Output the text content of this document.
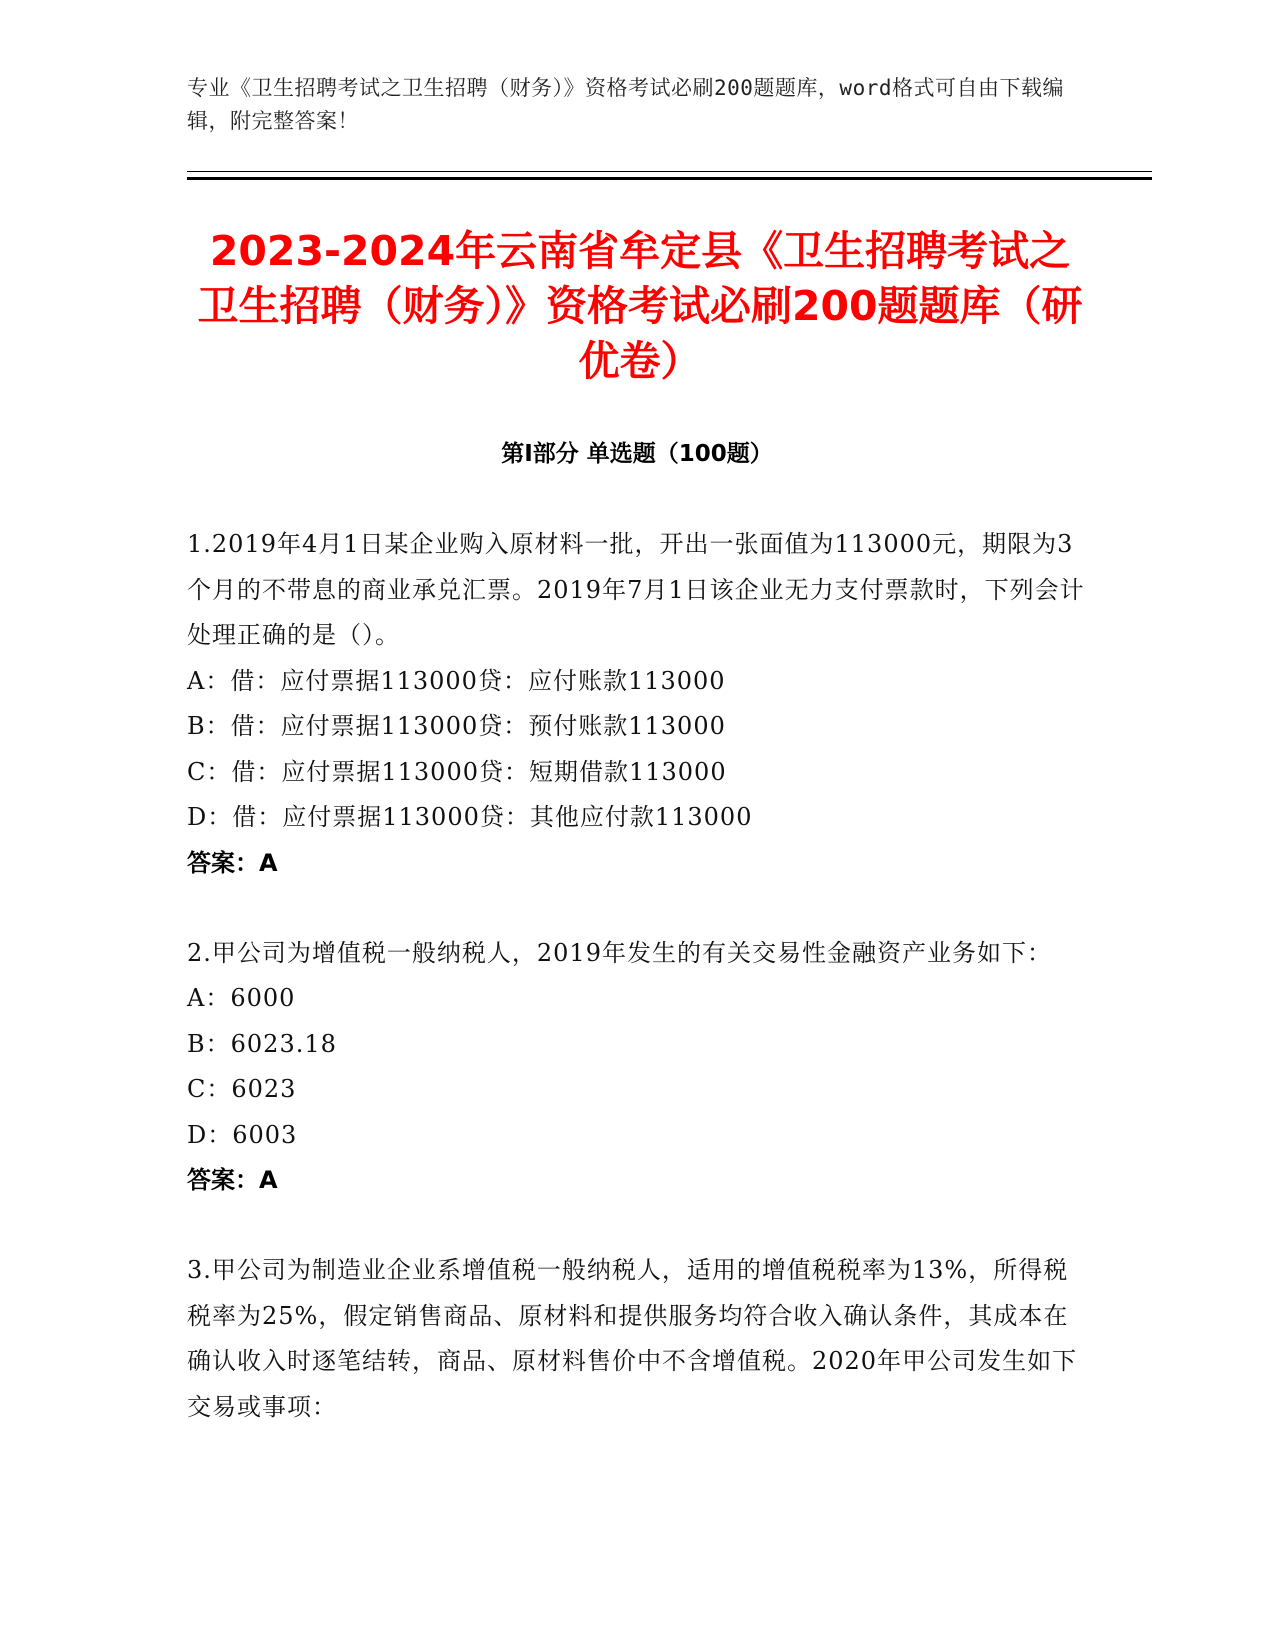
专业《卫生招聘考试之卫生招聘（财务）》资格考试必刷200题题库，word格式可自由下载编辑，附完整答案！
2023-2024年云南省牟定县《卫生招聘考试之卫生招聘（财务）》资格考试必刷200题题库（研优卷）
第Ⅰ部分 单选题（100题）

1.2019年4月1日某企业购入原材料一批，开出一张面值为113000元，期限为3个月的不带息的商业承兑汇票。2019年7月1日该企业无力支付票款时，下列会计处理正确的是（）。

A：借：应付票据113000贷：应付账款113000

B：借：应付票据113000贷：预付账款113000

C：借：应付票据113000贷：短期借款113000

D：借：应付票据113000贷：其他应付款113000

答案：A

2.甲公司为增值税一般纳税人，2019年发生的有关交易性金融资产业务如下：

A：6000

B：6023.18

C：6023

D：6003

答案：A

3.甲公司为制造业企业系增值税一般纳税人，适用的增值税税率为13%，所得税税率为25%，假定销售商品、原材料和提供服务均符合收入确认条件，其成本在确认收入时逐笔结转，商品、原材料售价中不含增值税。2020年甲公司发生如下交易或事项：
